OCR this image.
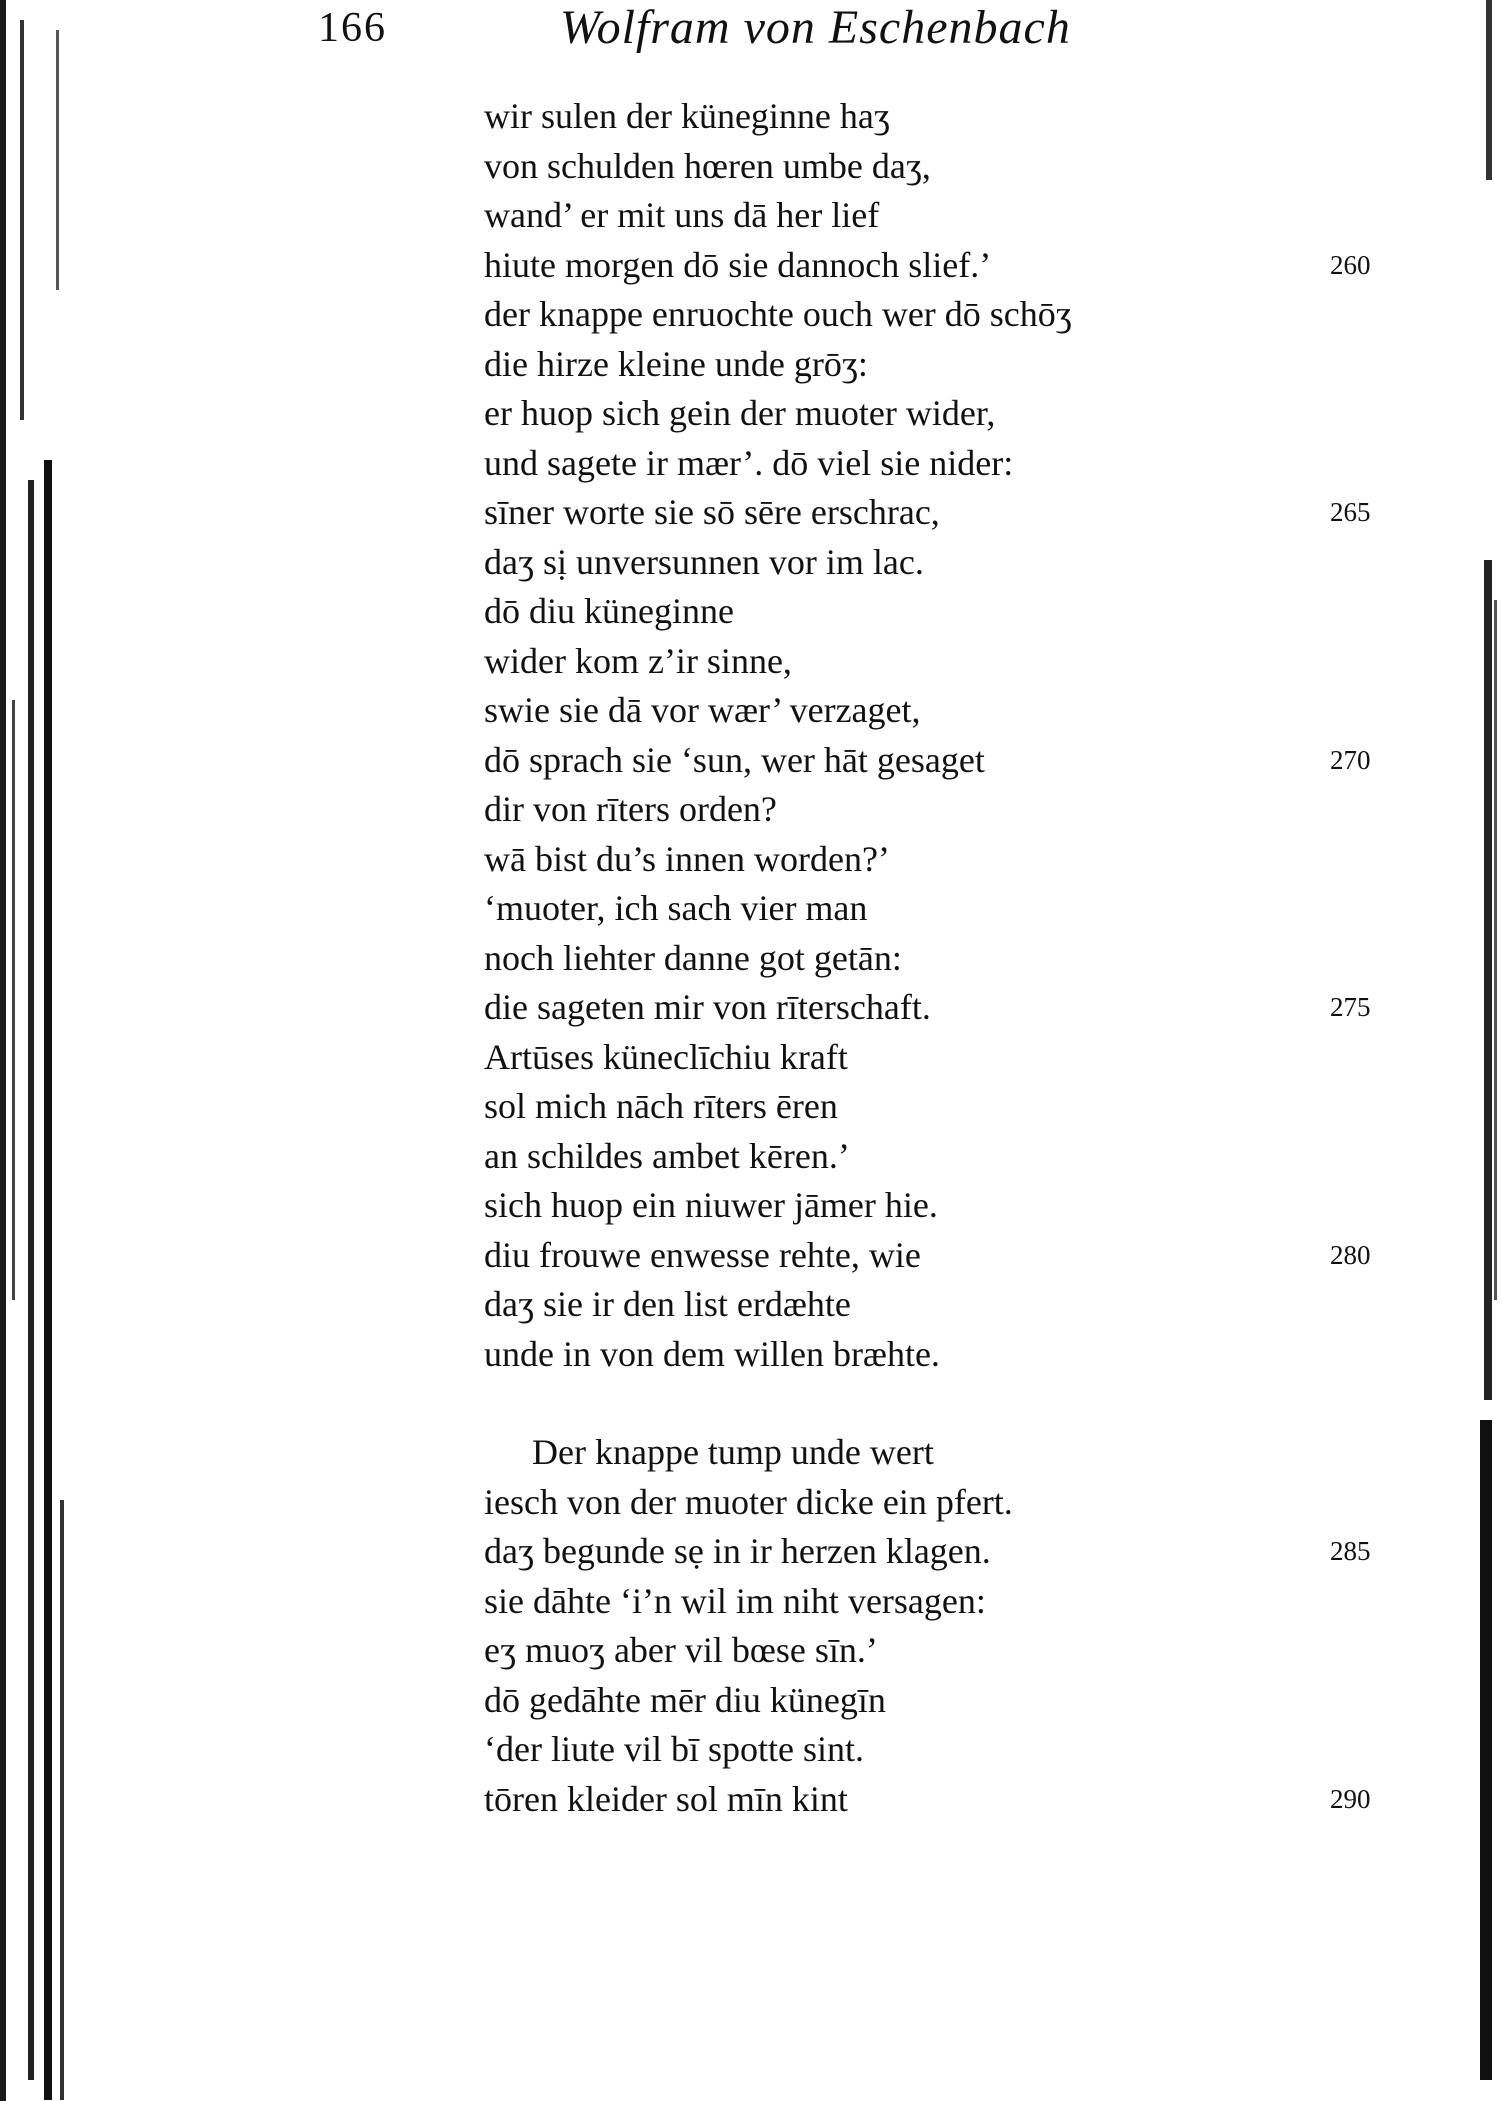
166	Wolfram von Eschenbach
wir sulen der küneginne haʒ
von schulden hœren umbe daʒ,
wand’ er mit uns dā her lief
hiute morgen dō sie dannoch slief.’	260
der knappe enruochte ouch wer dō schōʒ
die hirze kleine unde grōʒ:
er huop sich gein der muoter wider,
und sagete ir mær’. dō viel sie nider:
sīner worte sie sō sēre erschrac,	265
daʒ sị unversunnen vor im lac.
dō diu küneginne
wider kom z’ir sinne,
swie sie dā vor wær’ verzaget,
dō sprach sie ‘sun, wer hāt gesaget	270
dir von rīters orden?
wā bist du’s innen worden?’
‘muoter, ich sach vier man
noch liehter danne got getān:
die sageten mir von rīterschaft.	275
Artūses küneclīchiu kraft
sol mich nāch rīters ēren
an schildes ambet kēren.’
sich huop ein niuwer jāmer hie.
diu frouwe enwesse rehte, wie	280
daʒ sie ir den list erdæhte
unde in von dem willen bræhte.
Der knappe tump unde wert
iesch von der muoter dicke ein pfert.
daʒ begunde sẹ in ir herzen klagen.	285
sie dāhte ‘i’n wil im niht versagen:
eʒ muoʒ aber vil bœse sīn.’
dō gedāhte mēr diu künegīn
‘der liute vil bī spotte sint.
tōren kleider sol mīn kint	290
